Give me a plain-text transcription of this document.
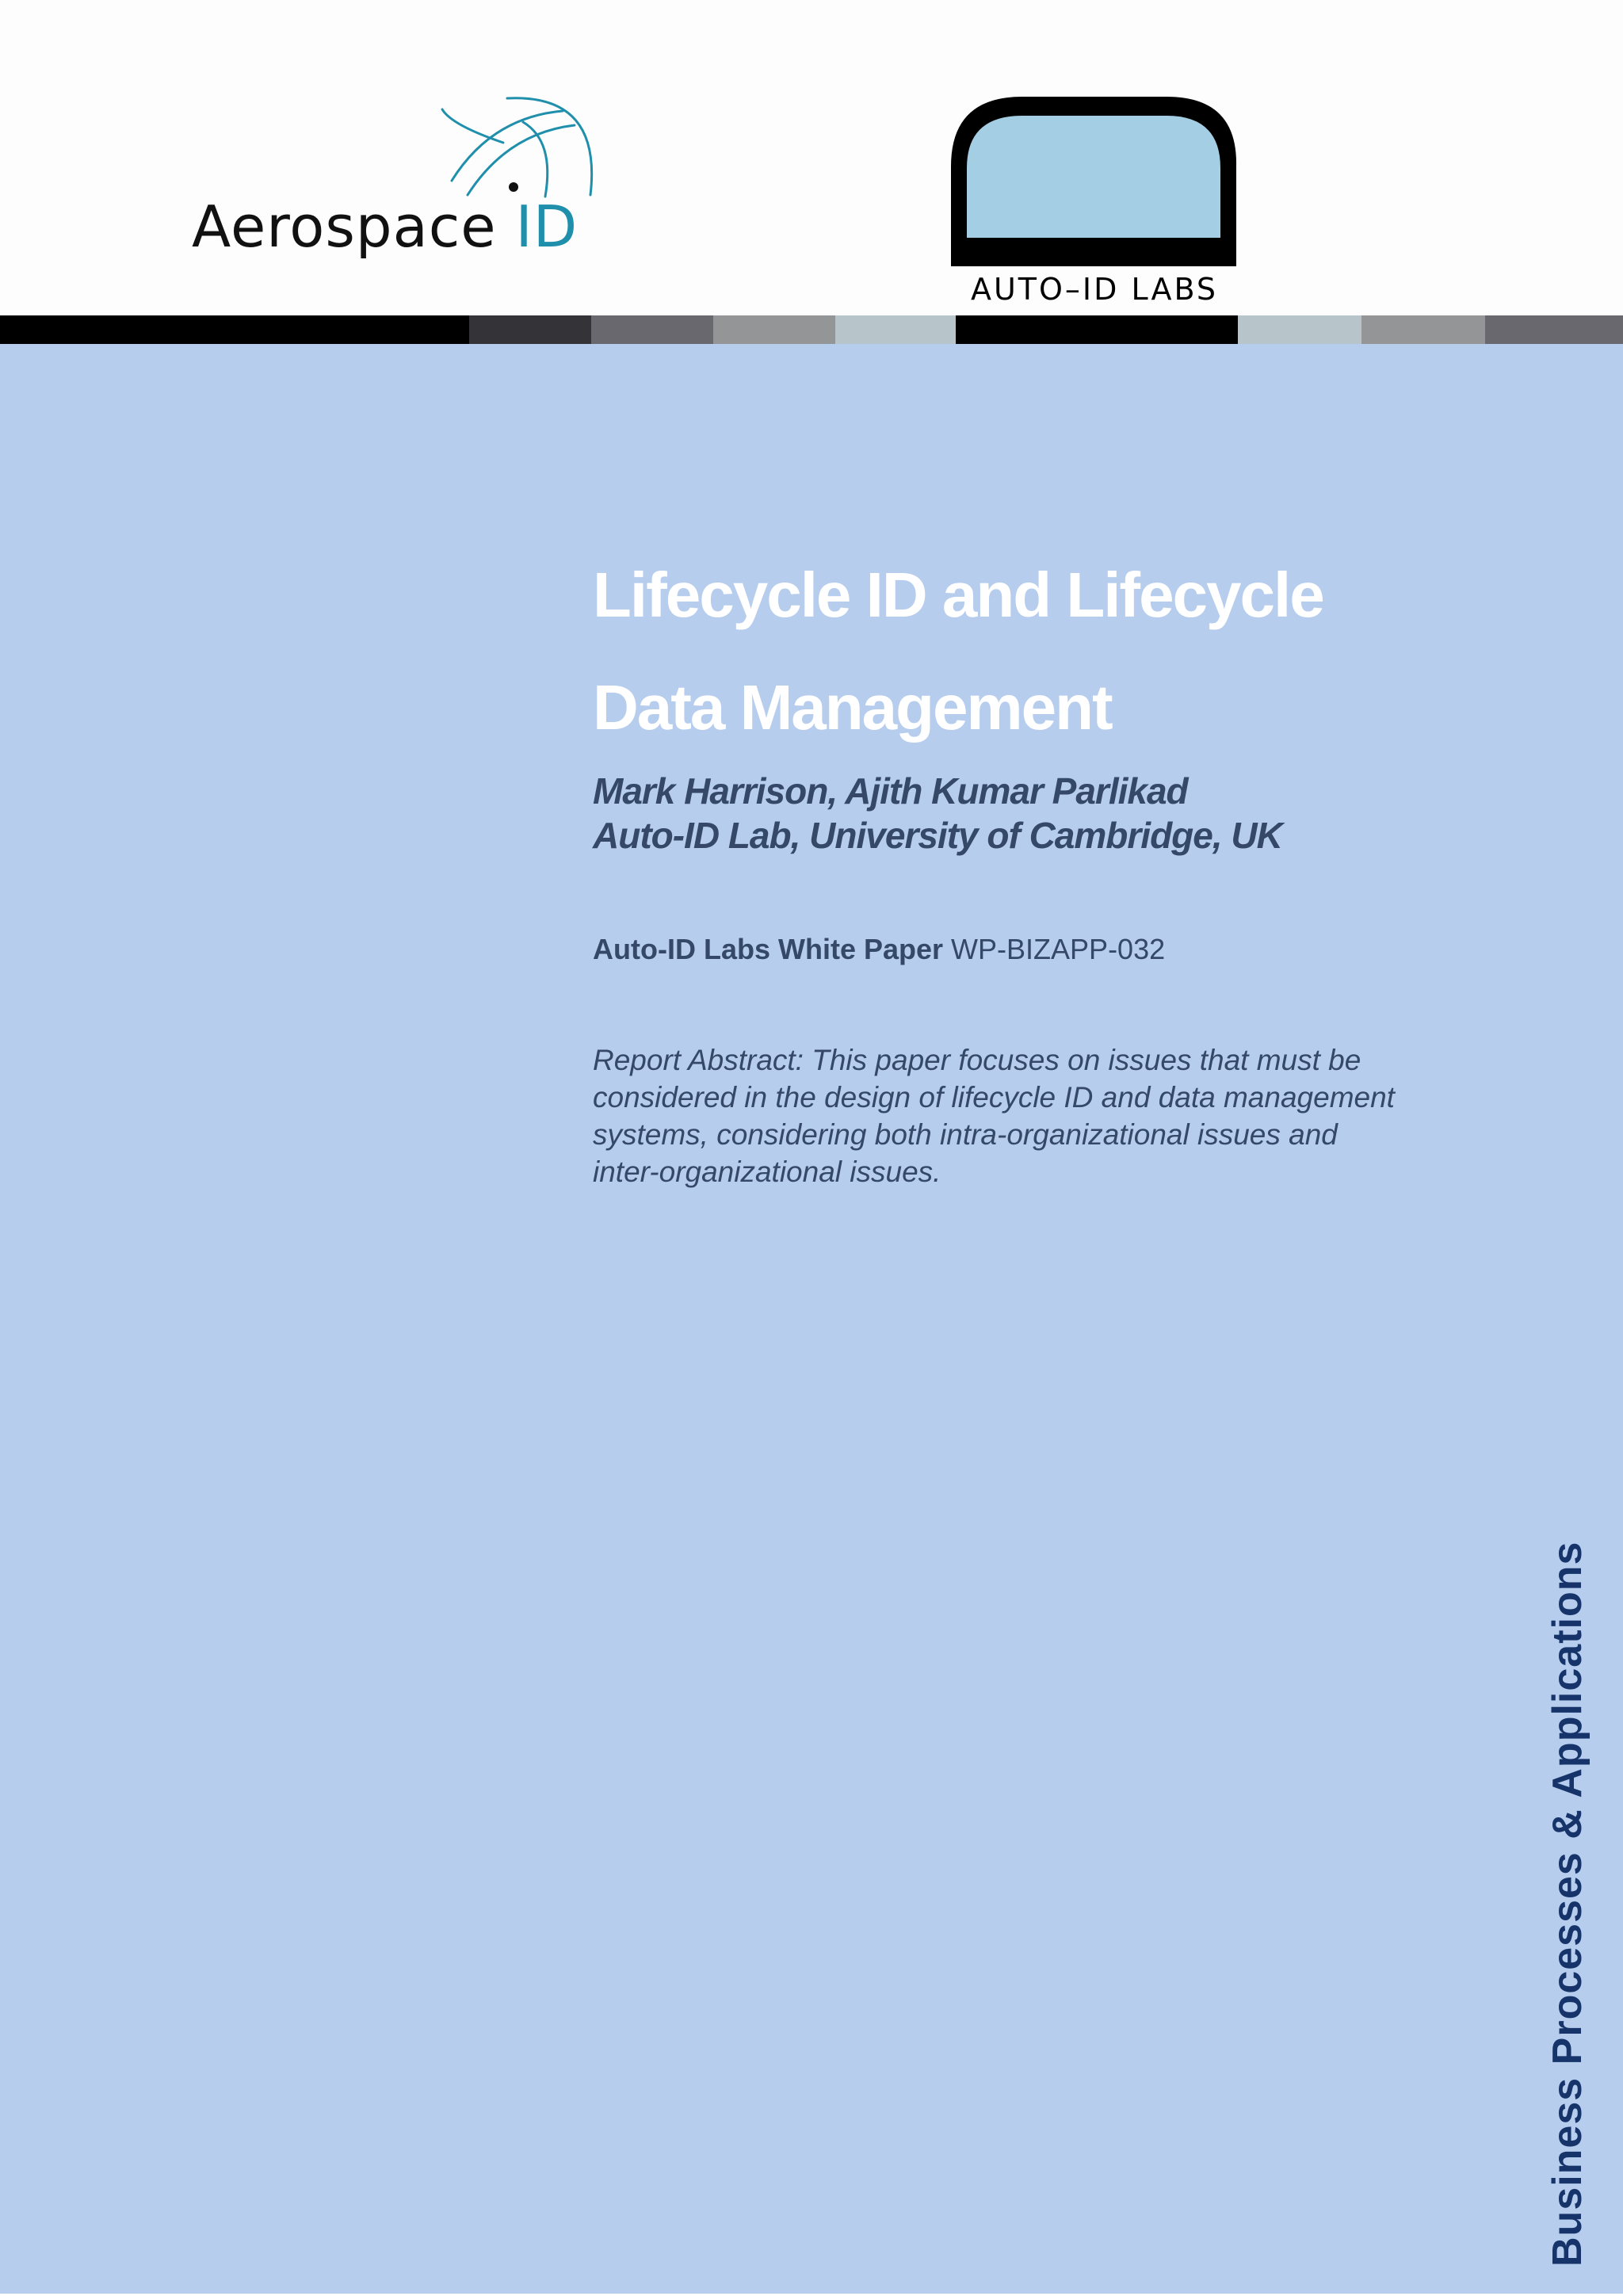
Aerospace ID
AUTO–ID LABS
Lifecycle ID and Lifecycle
Data Management
Mark Harrison, Ajith Kumar Parlikad
Auto-ID Lab, University of Cambridge, UK
Auto-ID Labs White Paper WP-BIZAPP-032
Report Abstract: This paper focuses on issues that must be
considered in the design of lifecycle ID and data management
systems, considering both intra-organizational issues and
inter-organizational issues.
Business Processes & Applications
